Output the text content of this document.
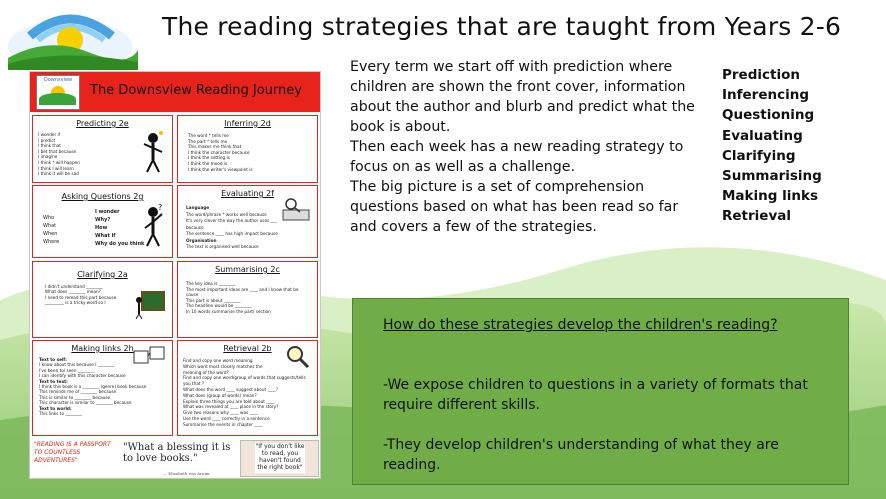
The reading strategies that are taught from Years 2-6
Downsview
The Downsview Reading Journey
Predicting 2e
I wonder if
I predict
I think that
I bet that because
I imagine
I think * will happen
I think I will learn
I think it will be sad
Inferring 2d
The word * tells me
The part * tells me
This makes me think that
I think the character because
I think the setting is
I think the mood is
I think the writer's viewpoint is
Asking Questions 2g
Who
What
When
Where
I wonder
Why?
How
What if
Why do you think
?
Evaluating 2f
Language
The word/phrase * works well because
It's very clever the way the author uses ___
because
The sentence ____ has high impact because
Organisation
The text is organised well because
Clarifying 2a
I didn't understand ________
What does ________ mean?
I need to reread this part because
_________ is a tricky word so I
Summarising 2c
The key idea is ________
The most important ideas are ____ and I know that be
cause
This part is about ________
The headline would be ________
In 10 words summarise the part/ section
Making links 2h
Text to self:
I know about this because I ________
I've been to/ seen ________
I can identify with this character because
Text to text:
I think this book is a ________ (genre) book because
This reminds me of ________ because
This is similar to ________ because
This character is similar to ________ because
Text to world:
This links to ________
Retrieval 2b
Find and copy one word meaning
Which word most closely matches the
meaning of the word?
Find and copy one word/group of words that suggests/tells
you that ?
What does the word ____ suggest about ____?
What does (group of words) mean?
Explain three things you are told about ____
What was revealed at ____ place in the story?
Give two reasons why ____ was ____
Use the word ____ correctly in a sentence
Summarise the events in chapter ____
"READING IS A PASSPORT TO COUNTLESS ADVENTURES"
"What a blessing it is to love books."
— Elizabeth von Arnim
"If you don't like to read, you haven't found the right book"

Every term we start off with prediction where children are shown the front cover, information about the author and blurb and predict what the book is about.

Then each week has a new reading strategy to focus on as well as a challenge.

The big picture is a set of comprehension questions based on what has been read so far and covers a few of the strategies.

Prediction
Inferencing
Questioning
Evaluating
Clarifying
Summarising
Making links
Retrieval
How do these strategies develop the children's reading?
-We expose children to questions in a variety of formats that require different skills.
-They develop children's understanding of what they are reading.
